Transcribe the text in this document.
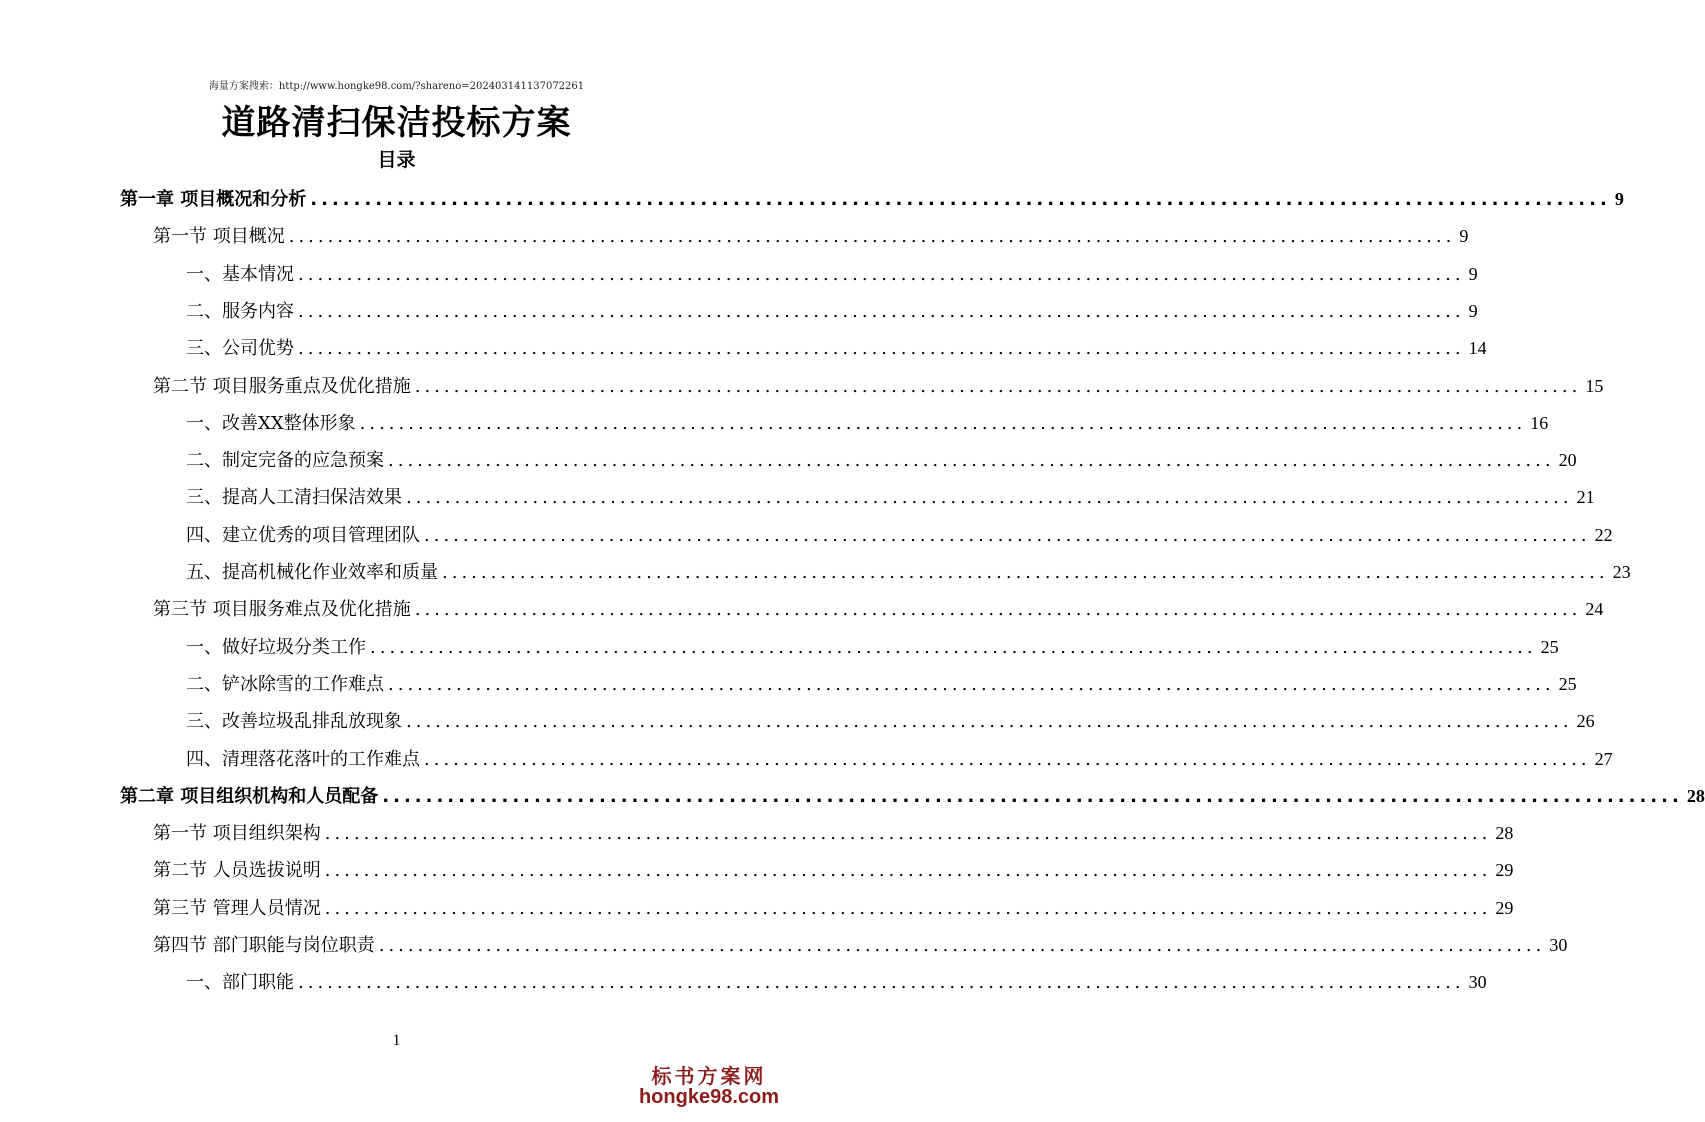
海量方案搜索：http://www.hongke98.com/?shareno=20240314113707226​1
道路清扫保洁投标方案
目录
第一章 项目概况和分析 ........................................................................................................................ 9
第一节 项目概况 ........................................................................................................................ 9
一、基本情况 ........................................................................................................................ 9
二、服务内容 ........................................................................................................................ 9
三、公司优势 ........................................................................................................................ 14
第二节 项目服务重点及优化措施 ........................................................................................................................ 15
一、改善XX整体形象 ........................................................................................................................ 16
二、制定完备的应急预案 ........................................................................................................................ 20
三、提高人工清扫保洁效果 ........................................................................................................................ 21
四、建立优秀的项目管理团队 ........................................................................................................................ 22
五、提高机械化作业效率和质量 ........................................................................................................................ 23
第三节 项目服务难点及优化措施 ........................................................................................................................ 24
一、做好垃圾分类工作 ........................................................................................................................ 25
二、铲冰除雪的工作难点 ........................................................................................................................ 25
三、改善垃圾乱排乱放现象 ........................................................................................................................ 26
四、清理落花落叶的工作难点 ........................................................................................................................ 27
第二章 项目组织机构和人员配备 ........................................................................................................................ 28
第一节 项目组织架构 ........................................................................................................................ 28
第二节 人员选拔说明 ........................................................................................................................ 29
第三节 管理人员情况 ........................................................................................................................ 29
第四节 部门职能与岗位职责 ........................................................................................................................ 30
一、部门职能 ........................................................................................................................ 30
1
标书方案网
hongke98.com
